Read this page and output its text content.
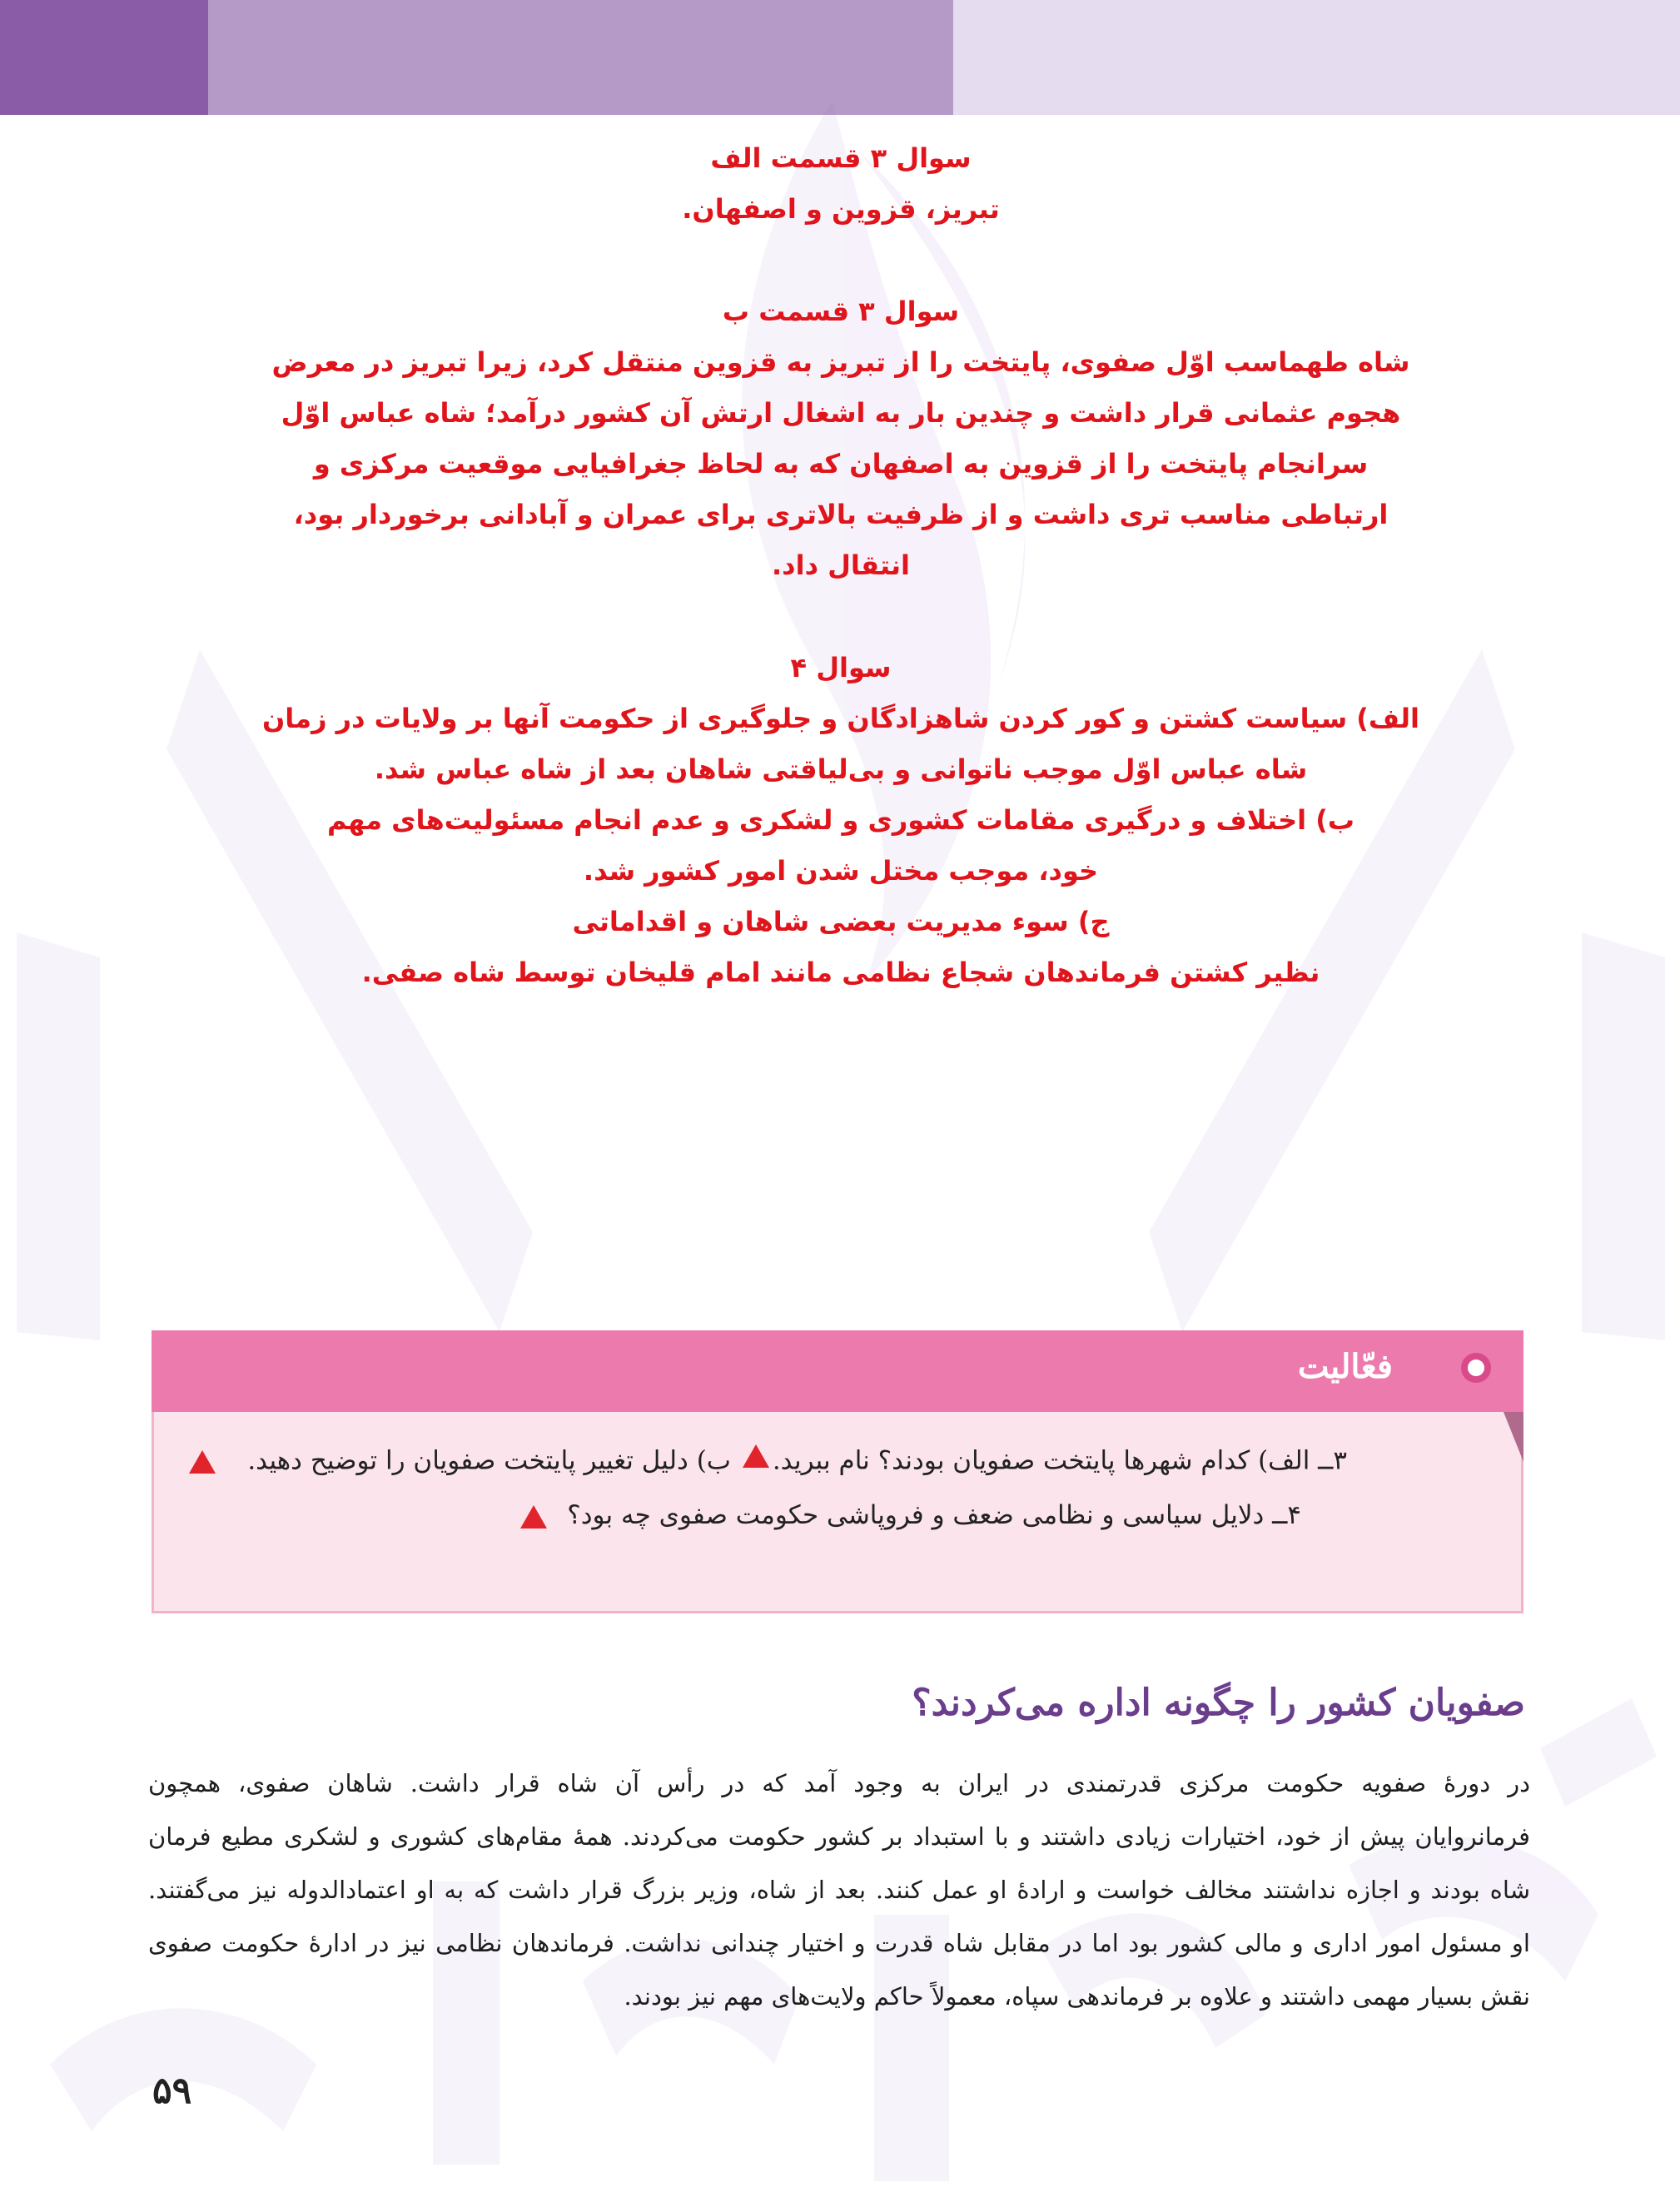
سوال ۳ قسمت الف

تبریز، قزوین و اصفهان.

سوال ۳ قسمت ب

شاه طهماسب اوّل صفوی، پایتخت را از تبریز به قزوین منتقل کرد، زیرا تبریز در معرض

هجوم عثمانی قرار داشت و چندین بار به اشغال ارتش آن کشور درآمد؛ شاه عباس اوّل

سرانجام پایتخت را از قزوین به اصفهان که به لحاظ جغرافیایی موقعیت مرکزی و

ارتباطی مناسب تری داشت و از ظرفیت بالاتری برای عمران و آبادانی برخوردار بود،

انتقال داد.

سوال ۴

الف) سیاست کشتن و کور کردن شاهزادگان و جلوگیری از حکومت آنها بر ولایات در زمان

شاه عباس اوّل موجب ناتوانی و بی‌لیاقتی شاهان بعد از شاه عباس شد.

ب) اختلاف و درگیری مقامات کشوری و لشکری و عدم انجام مسئولیت‌های مهم

خود، موجب مختل شدن امور کشور شد.

ج) سوء مدیریت بعضی شاهان و اقداماتی

نظیر کشتن فرماندهان شجاع نظامی مانند امام قلیخان توسط شاه صفی.

فعّالیت
۳ــ الف) کدام شهرها پایتخت صفویان بودند؟ نام ببرید. ب) دلیل تغییر پایتخت صفویان را توضیح دهید.
۴ــ دلایل سیاسی و نظامی ضعف و فروپاشی حکومت صفوی چه بود؟
صفویان کشور را چگونه اداره می‌کردند؟
در دورهٔ صفویه حکومت مرکزی قدرتمندی در ایران به وجود آمد که در رأس آن شاه قرار داشت. شاهان صفوی، همچون
فرمانروایان پیش از خود، اختیارات زیادی داشتند و با استبداد بر کشور حکومت می‌کردند. همهٔ مقام‌های کشوری و لشکری مطیع فرمان
شاه بودند و اجازه نداشتند مخالف خواست و ارادهٔ او عمل کنند. بعد از شاه، وزیر بزرگ قرار داشت که به او اعتمادالدوله نیز می‌گفتند.
او مسئول امور اداری و مالی کشور بود اما در مقابل شاه قدرت و اختیار چندانی نداشت. فرماندهان نظامی نیز در ادارهٔ حکومت صفوی
نقش بسیار مهمی داشتند و علاوه بر فرماندهی سپاه، معمولاً حاکم ولایت‌های مهم نیز بودند.
۵۹
